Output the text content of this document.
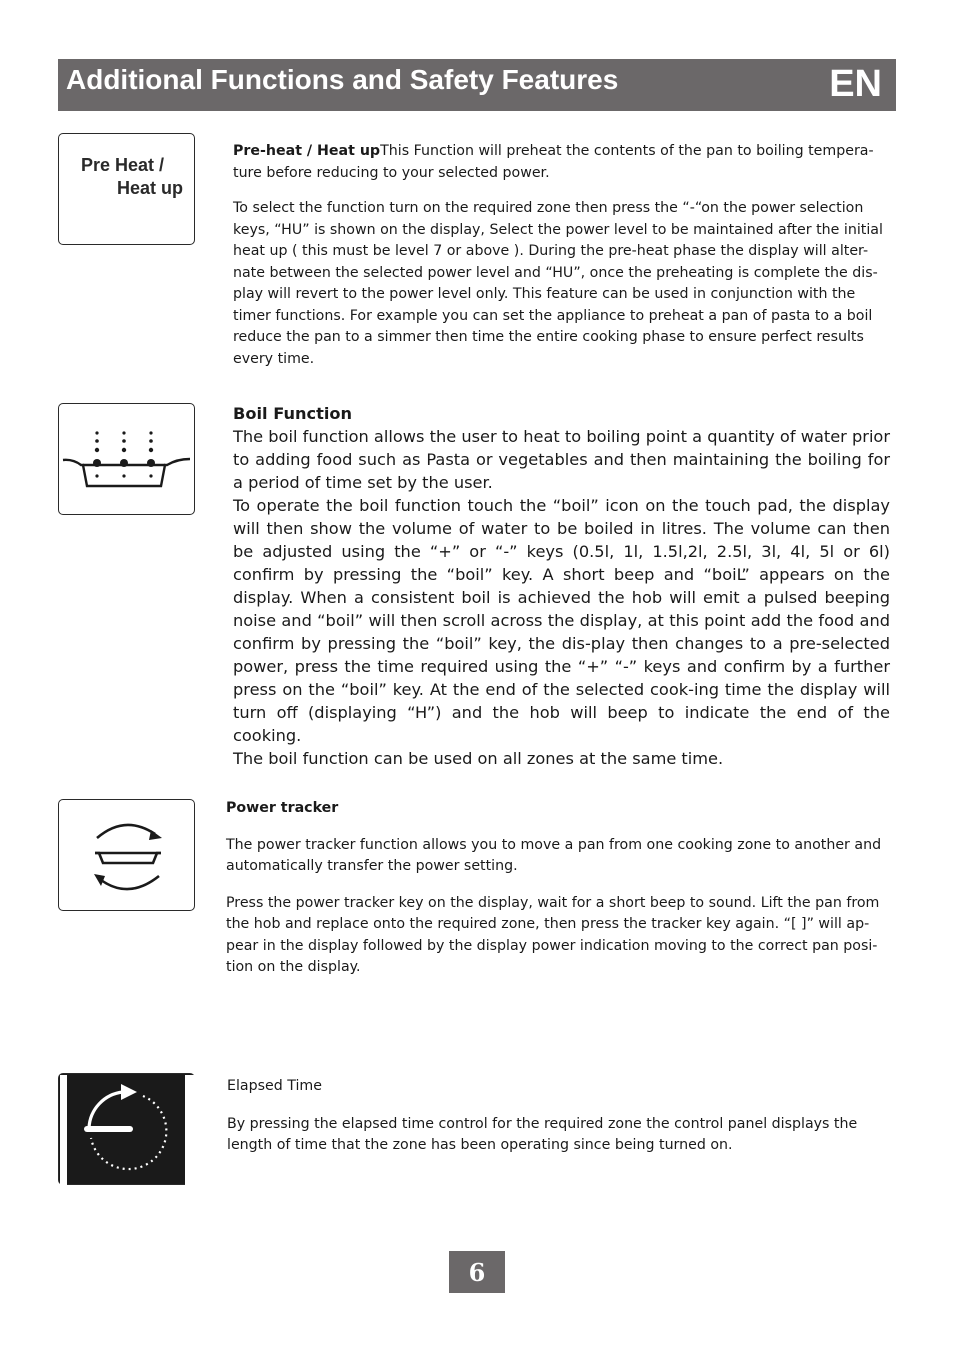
Additional Functions and Safety Features	EN
Pre Heat /
Heat up

Pre-heat / Heat upThis Function will preheat the contents of the pan to boiling tempera-ture before reducing to your selected power.

To select the function turn on the required zone then press the “-“on the power selection keys, “HU” is shown on the display, Select the power level to be maintained after the initial heat up ( this must be level 7 or above ). During the pre-heat phase the display will alter-nate between the selected power level and “HU”, once the preheating is complete the dis-play will revert to the power level only. This feature can be used in conjunction with the timer functions. For example you can set the appliance to preheat a pan of pasta to a boil reduce the pan to a simmer then time the entire cooking phase to ensure perfect results every time.

Boil Function

The boil function allows the user to heat to boiling point a quantity of water prior to adding food such as Pasta or vegetables and then maintaining the boiling for a period of time set by the user.

To operate the boil function touch the “boil” icon on the touch pad, the display will then show the volume of water to be boiled in litres. The volume can then be adjusted using the “+” or “-” keys (0.5l, 1l, 1.5l,2l, 2.5l, 3l, 4l, 5l or 6l) confirm by pressing the “boil” key. A short beep and “boiL” appears on the display. When a consistent boil is achieved the hob will emit a pulsed beeping noise and “boil” will then scroll across the display, at this point add the food and confirm by pressing the “boil” key, the dis-play then changes to a pre-selected power, press the time required using the “+” “-” keys and confirm by a further press on the “boil” key. At the end of the selected cook-ing time the display will turn off (displaying “H”) and the hob will beep to indicate the end of the cooking.

The boil function can be used on all zones at the same time.

Power tracker

The power tracker function allows you to move a pan from one cooking zone to another and automatically transfer the power setting.

Press the power tracker key on the display, wait for a short beep to sound. Lift the pan from the hob and replace onto the required zone, then press the tracker key again. “[ ]” will ap-pear in the display followed by the display power indication moving to the correct pan posi-tion on the display.

Elapsed Time

By pressing the elapsed time control for the required zone the control panel displays the length of time that the zone has been operating since being turned on.

6
